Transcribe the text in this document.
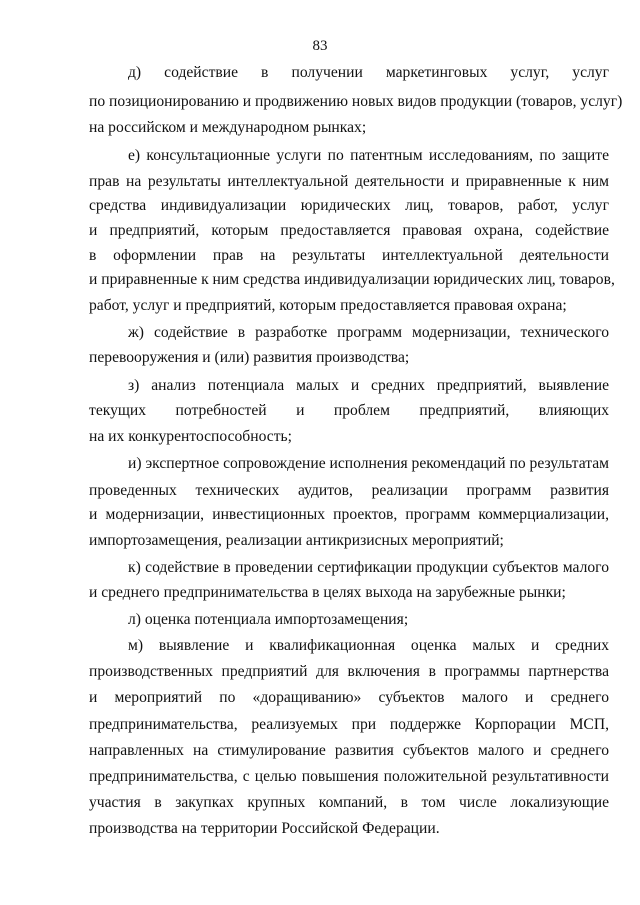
83
д) содействие в получении маркетинговых услуг, услуг
по позиционированию и продвижению новых видов продукции (товаров, услуг)
на российском и международном рынках;
е) консультационные услуги по патентным исследованиям, по защите
прав на результаты интеллектуальной деятельности и приравненные к ним
средства индивидуализации юридических лиц, товаров, работ, услуг
и предприятий, которым предоставляется правовая охрана, содействие
в оформлении прав на результаты интеллектуальной деятельности
и приравненные к ним средства индивидуализации юридических лиц, товаров,
работ, услуг и предприятий, которым предоставляется правовая охрана;
ж) содействие в разработке программ модернизации, технического
перевооружения и (или) развития производства;
з) анализ потенциала малых и средних предприятий, выявление
текущих потребностей и проблем предприятий, влияющих
на их конкурентоспособность;
и) экспертное сопровождение исполнения рекомендаций по результатам
проведенных технических аудитов, реализации программ развития
и модернизации, инвестиционных проектов, программ коммерциализации,
импортозамещения, реализации антикризисных мероприятий;
к) содействие в проведении сертификации продукции субъектов малого
и среднего предпринимательства в целях выхода на зарубежные рынки;
л) оценка потенциала импортозамещения;
м) выявление и квалификационная оценка малых и средних
производственных предприятий для включения в программы партнерства
и мероприятий по «доращиванию» субъектов малого и среднего
предпринимательства, реализуемых при поддержке Корпорации МСП,
направленных на стимулирование развития субъектов малого и среднего
предпринимательства, с целью повышения положительной результативности
участия в закупках крупных компаний, в том числе локализующие
производства на территории Российской Федерации.
